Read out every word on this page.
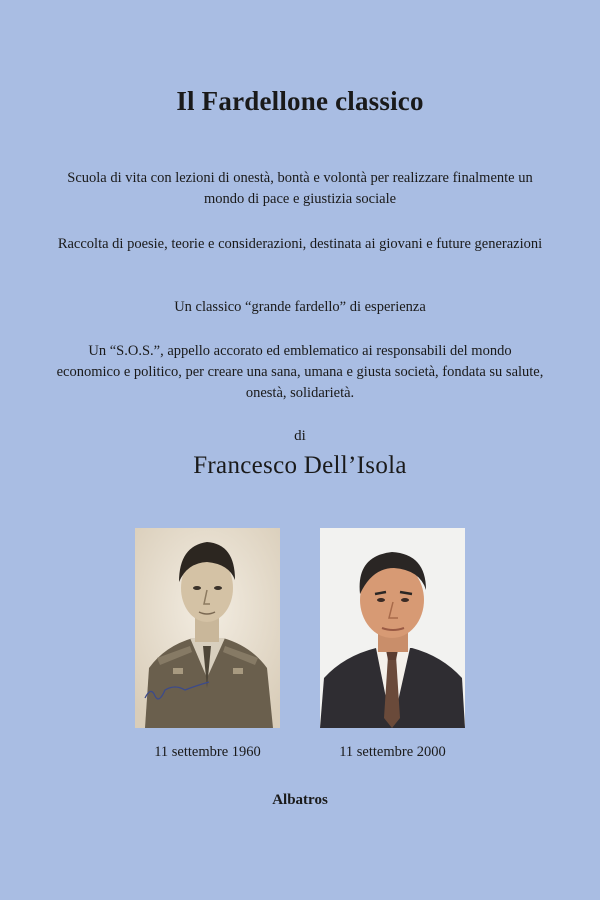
Il Fardellone classico
Scuola di vita con lezioni di onestà, bontà e volontà per realizzare finalmente un mondo di pace e giustizia sociale
Raccolta di poesie, teorie e considerazioni, destinata ai giovani e future generazioni
Un classico “grande fardello” di esperienza
Un “S.O.S.”, appello accorato ed emblematico ai responsabili del mondo economico e politico, per creare una sana, umana e giusta società, fondata su salute, onestà, solidarietà.
di
Francesco Dell’Isola
11 settembre 1960	11 settembre 2000
Albatros
